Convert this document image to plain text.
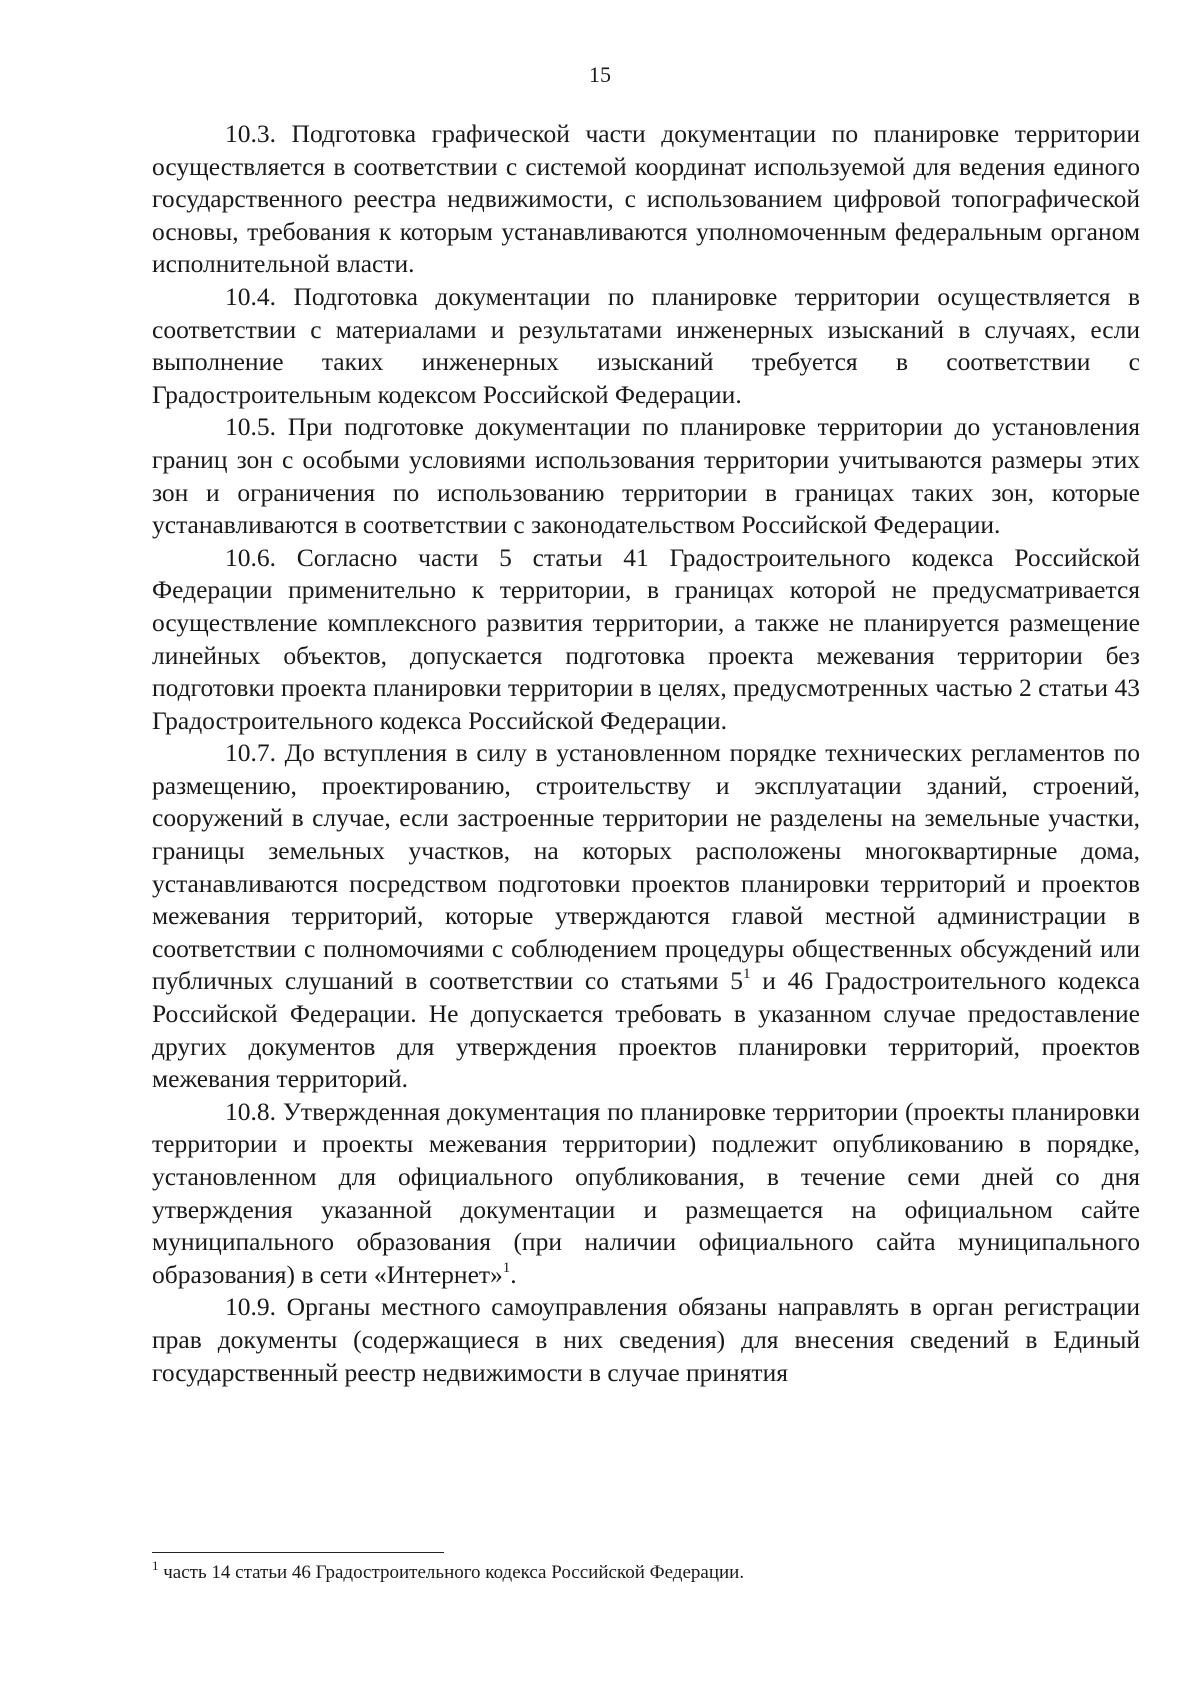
15

10.3. Подготовка графической части документации по планировке территории осуществляется в соответствии с системой координат используемой для ведения единого государственного реестра недвижимости, с использованием цифровой топографической основы, требования к которым устанавливаются уполномоченным федеральным органом исполнительной власти.

10.4. Подготовка документации по планировке территории осуществляется в соответствии с материалами и результатами инженерных изысканий в случаях, если выполнение таких инженерных изысканий требуется в соответствии с Градостроительным кодексом Российской Федерации.

10.5. При подготовке документации по планировке территории до установления границ зон с особыми условиями использования территории учитываются размеры этих зон и ограничения по использованию территории в границах таких зон, которые устанавливаются в соответствии с законодательством Российской Федерации.

10.6. Согласно части 5 статьи 41 Градостроительного кодекса Российской Федерации применительно к территории, в границах которой не предусматривается осуществление комплексного развития территории, а также не планируется размещение линейных объектов, допускается подготовка проекта межевания территории без подготовки проекта планировки территории в целях, предусмотренных частью 2 статьи 43 Градостроительного кодекса Российской Федерации.

10.7. До вступления в силу в установленном порядке технических регламентов по размещению, проектированию, строительству и эксплуатации зданий, строений, сооружений в случае, если застроенные территории не разделены на земельные участки, границы земельных участков, на которых расположены многоквартирные дома, устанавливаются посредством подготовки проектов планировки территорий и проектов межевания территорий, которые утверждаются главой местной администрации в соответствии с полномочиями с соблюдением процедуры общественных обсуждений или публичных слушаний в соответствии со статьями $5^1$ и 46 Градостроительного кодекса Российской Федерации. Не допускается требовать в указанном случае предоставление других документов для утверждения проектов планировки территорий, проектов межевания территорий.

10.8. Утвержденная документация по планировке территории (проекты планировки территории и проекты межевания территории) подлежит опубликованию в порядке, установленном для официального опубликования, в течение семи дней со дня утверждения указанной документации и размещается на официальном сайте муниципального образования (при наличии официального сайта муниципального образования) в сети «Интернет»$^1$.

10.9. Органы местного самоуправления обязаны направлять в орган регистрации прав документы (содержащиеся в них сведения) для внесения сведений в Единый государственный реестр недвижимости в случае принятия

$^1$ часть 14 статьи 46 Градостроительного кодекса Российской Федерации.
